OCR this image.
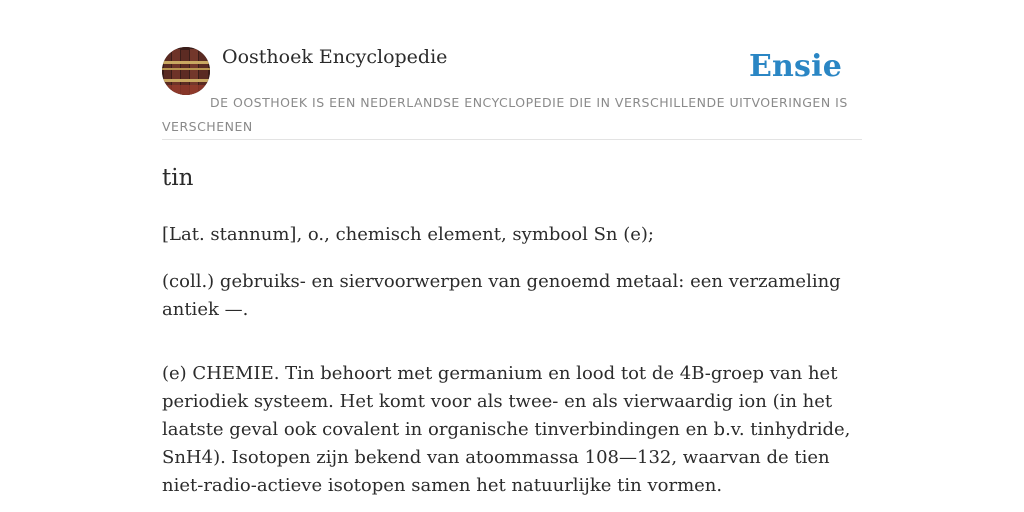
Oosthoek Encyclopedie	Ensie

DE OOSTHOEK IS EEN NEDERLANDSE ENCYCLOPEDIE DIE IN VERSCHILLENDE UITVOERINGEN IS VERSCHENEN

tin

[Lat. stannum], o., chemisch element, symbool Sn (e);

(coll.) gebruiks- en siervoorwerpen van genoemd metaal: een verzameling antiek —.

(e) CHEMIE. Tin behoort met germanium en lood tot de 4B-groep van het periodiek systeem. Het komt voor als twee- en als vierwaardig ion (in het laatste geval ook covalent in organische tinverbindingen en b.v. tinhydride, SnH4). Isotopen zijn bekend van atoommassa 108—132, waarvan de tien niet-radio-actieve isotopen samen het natuurlijke tin vormen.
